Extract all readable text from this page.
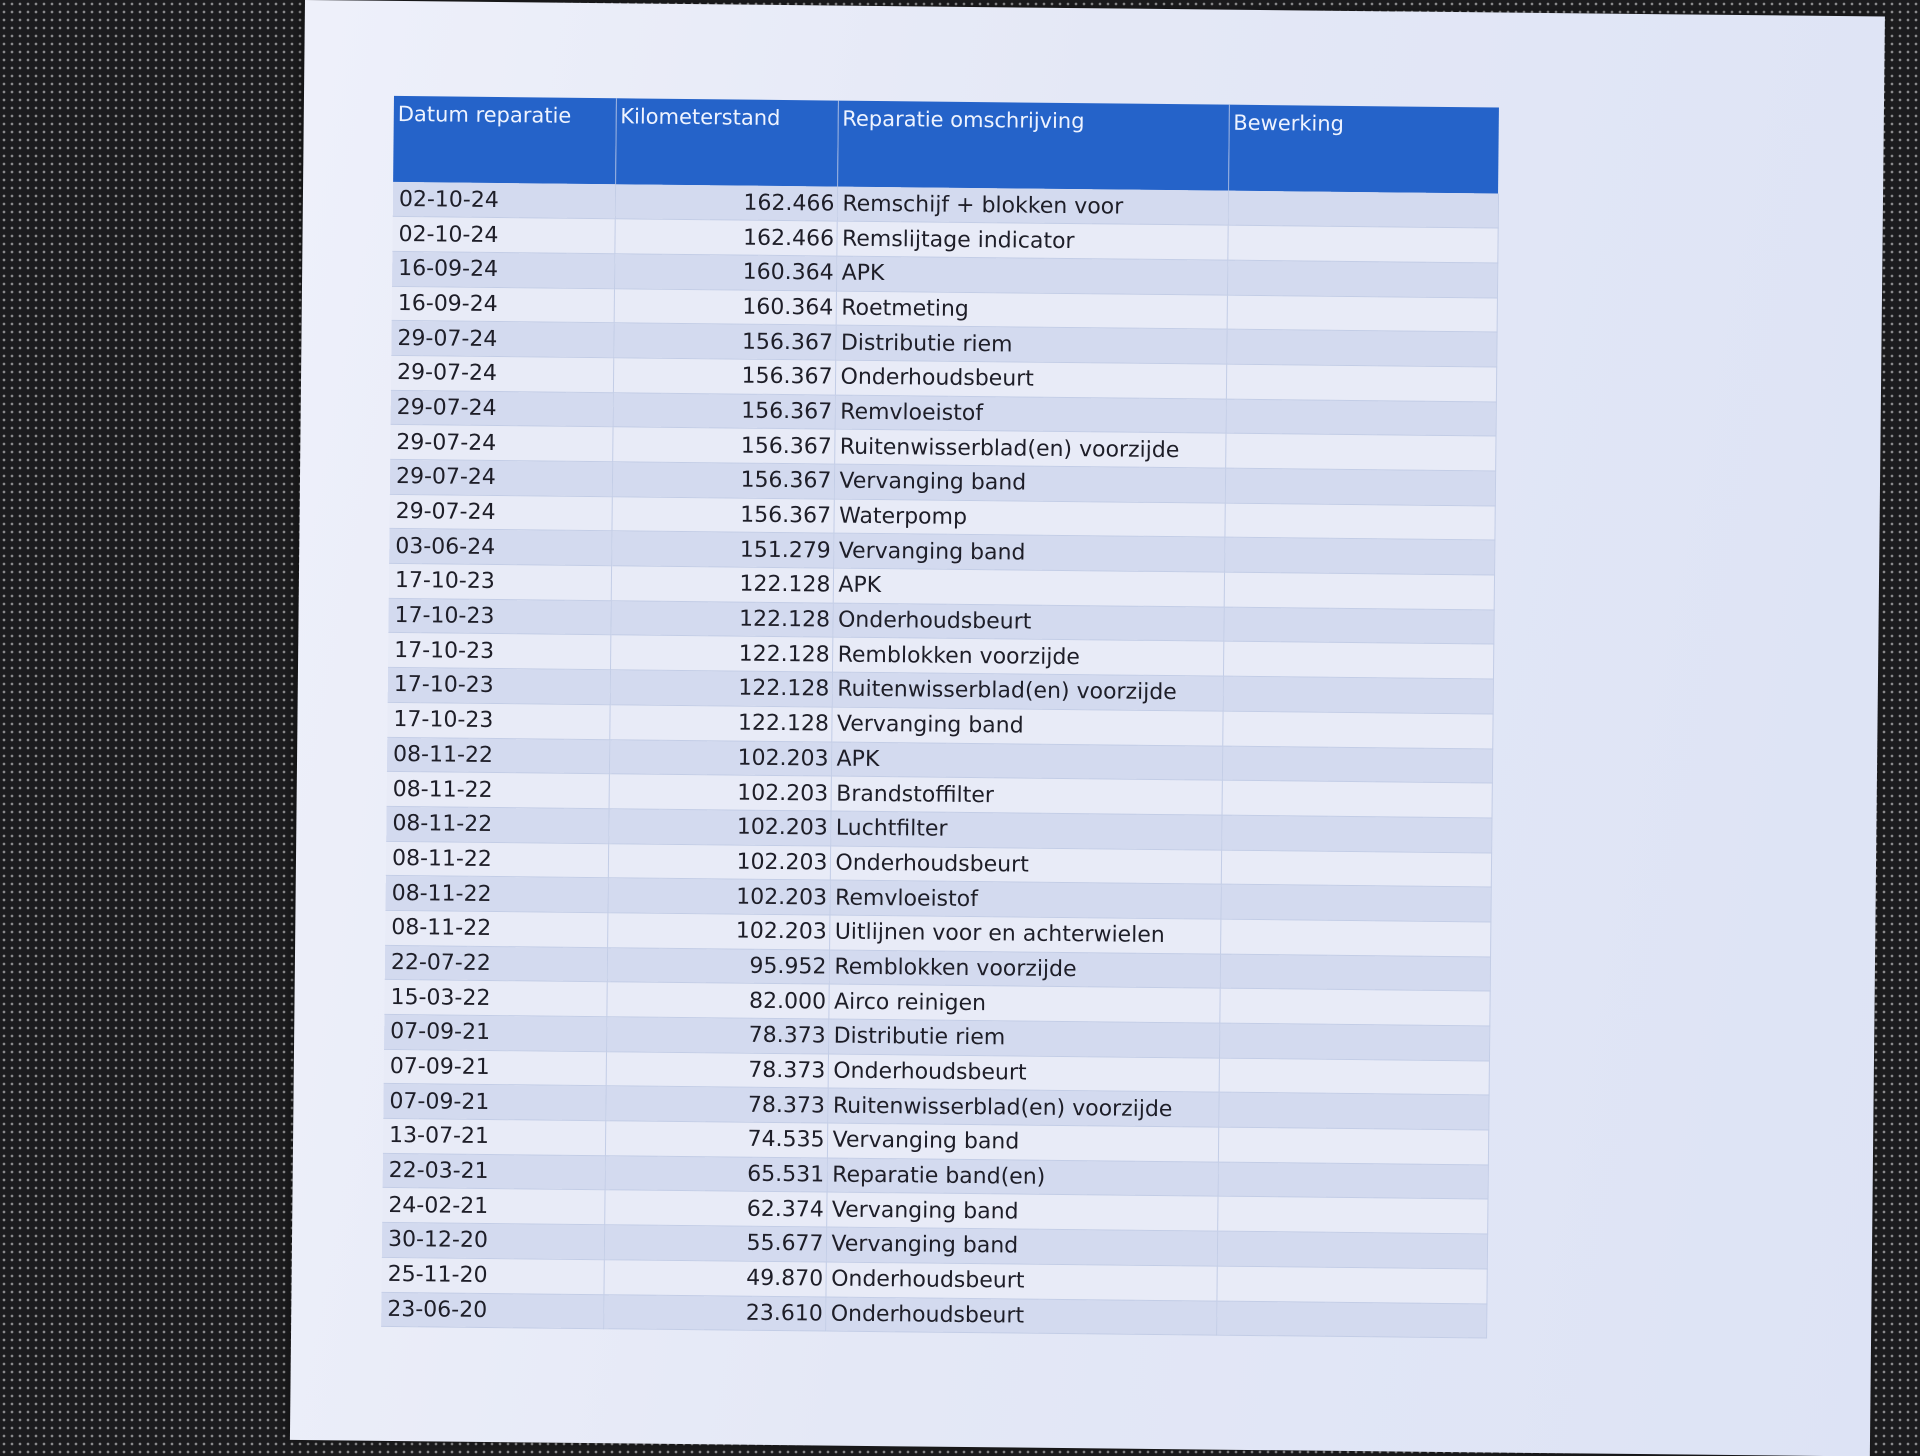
Datum reparatie	Kilometerstand	Reparatie omschrijving	Bewerking
02-10-24	162.466	Remschijf + blokken voor	
02-10-24	162.466	Remslijtage indicator	
16-09-24	160.364	APK	
16-09-24	160.364	Roetmeting	
29-07-24	156.367	Distributie riem	
29-07-24	156.367	Onderhoudsbeurt	
29-07-24	156.367	Remvloeistof	
29-07-24	156.367	Ruitenwisserblad(en) voorzijde	
29-07-24	156.367	Vervanging band	
29-07-24	156.367	Waterpomp	
03-06-24	151.279	Vervanging band	
17-10-23	122.128	APK	
17-10-23	122.128	Onderhoudsbeurt	
17-10-23	122.128	Remblokken voorzijde	
17-10-23	122.128	Ruitenwisserblad(en) voorzijde	
17-10-23	122.128	Vervanging band	
08-11-22	102.203	APK	
08-11-22	102.203	Brandstoffilter	
08-11-22	102.203	Luchtfilter	
08-11-22	102.203	Onderhoudsbeurt	
08-11-22	102.203	Remvloeistof	
08-11-22	102.203	Uitlijnen voor en achterwielen	
22-07-22	95.952	Remblokken voorzijde	
15-03-22	82.000	Airco reinigen	
07-09-21	78.373	Distributie riem	
07-09-21	78.373	Onderhoudsbeurt	
07-09-21	78.373	Ruitenwisserblad(en) voorzijde	
13-07-21	74.535	Vervanging band	
22-03-21	65.531	Reparatie band(en)	
24-02-21	62.374	Vervanging band	
30-12-20	55.677	Vervanging band	
25-11-20	49.870	Onderhoudsbeurt	
23-06-20	23.610	Onderhoudsbeurt	
